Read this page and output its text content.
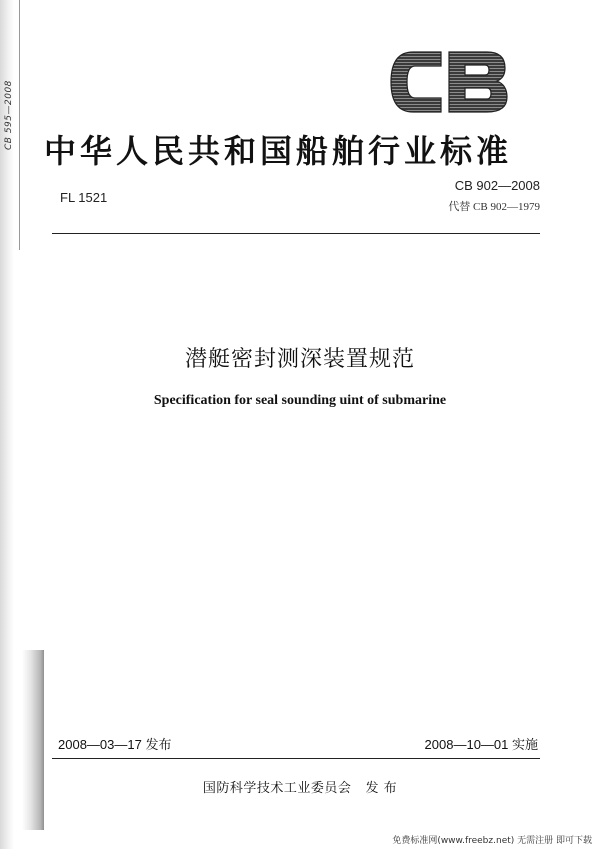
CB 595—2008
中华人民共和国船舶行业标准
FL 1521
CB 902—2008
代替 CB 902—1979
潜艇密封测深装置规范
Specification for seal sounding uint of submarine
2008—03—17 发布	2008—10—01 实施
国防科学技术工业委员会 发 布
免费标准网(www.freebz.net) 无需注册 即可下载
